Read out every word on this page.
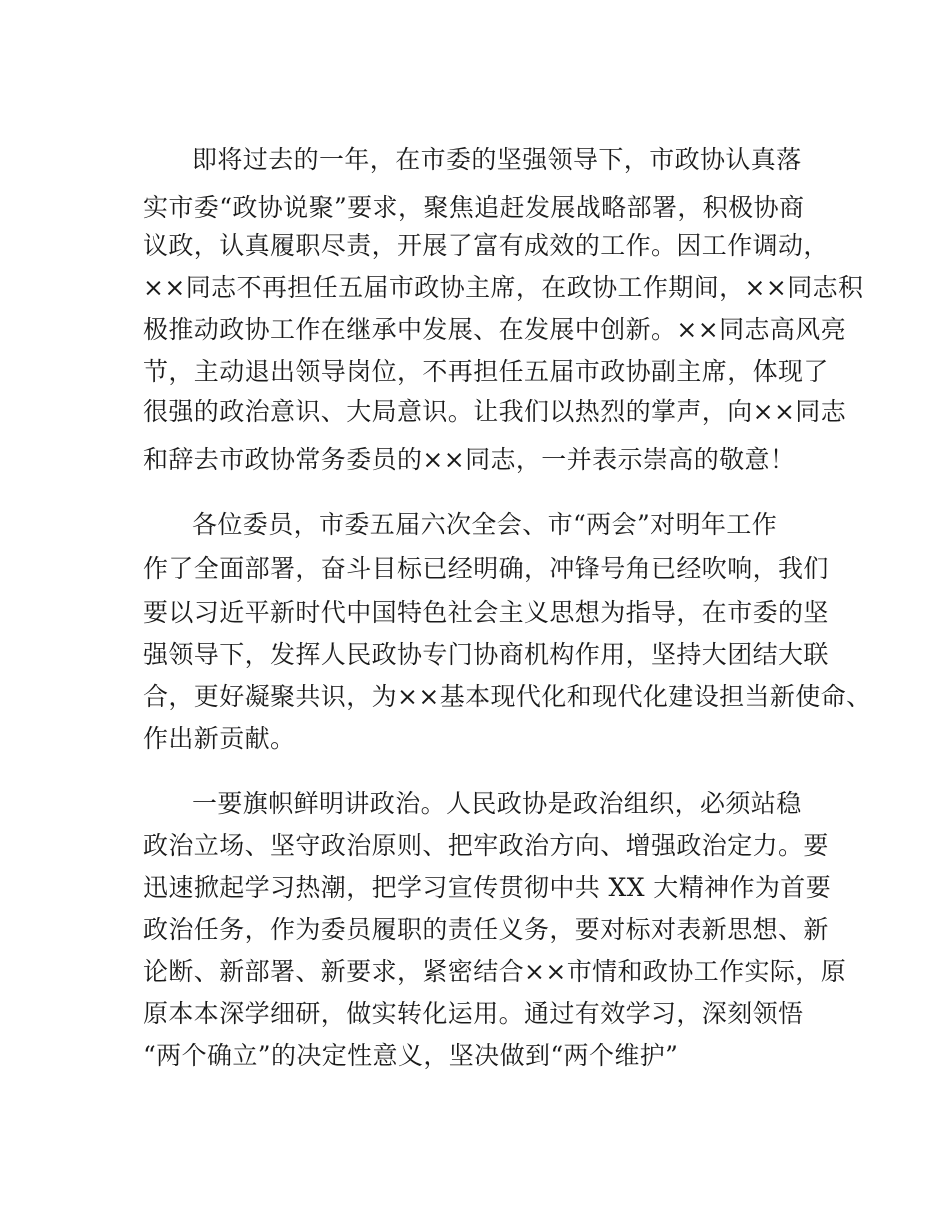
即将过去的一年，在市委的坚强领导下，市政协认真落
实市委“政协说聚”要求，聚焦追赶发展战略部署，积极协商
议政，认真履职尽责，开展了富有成效的工作。因工作调动，
××同志不再担任五届市政协主席，在政协工作期间，××同志积
极推动政协工作在继承中发展、在发展中创新。××同志高风亮
节，主动退出领导岗位，不再担任五届市政协副主席，体现了
很强的政治意识、大局意识。让我们以热烈的掌声，向××同志
和辞去市政协常务委员的××同志，一并表示崇高的敬意！
各位委员，市委五届六次全会、市“两会”对明年工作
作了全面部署，奋斗目标已经明确，冲锋号角已经吹响，我们
要以习近平新时代中国特色社会主义思想为指导，在市委的坚
强领导下，发挥人民政协专门协商机构作用，坚持大团结大联
合，更好凝聚共识，为××基本现代化和现代化建设担当新使命、
作出新贡献。
一要旗帜鲜明讲政治。人民政协是政治组织，必须站稳
政治立场、坚守政治原则、把牢政治方向、增强政治定力。要
迅速掀起学习热潮，把学习宣传贯彻中共 XX 大精神作为首要
政治任务，作为委员履职的责任义务，要对标对表新思想、新
论断、新部署、新要求，紧密结合××市情和政协工作实际，原
原本本深学细研，做实转化运用。通过有效学习，深刻领悟
“两个确立”的决定性意义，坚决做到“两个维护”
